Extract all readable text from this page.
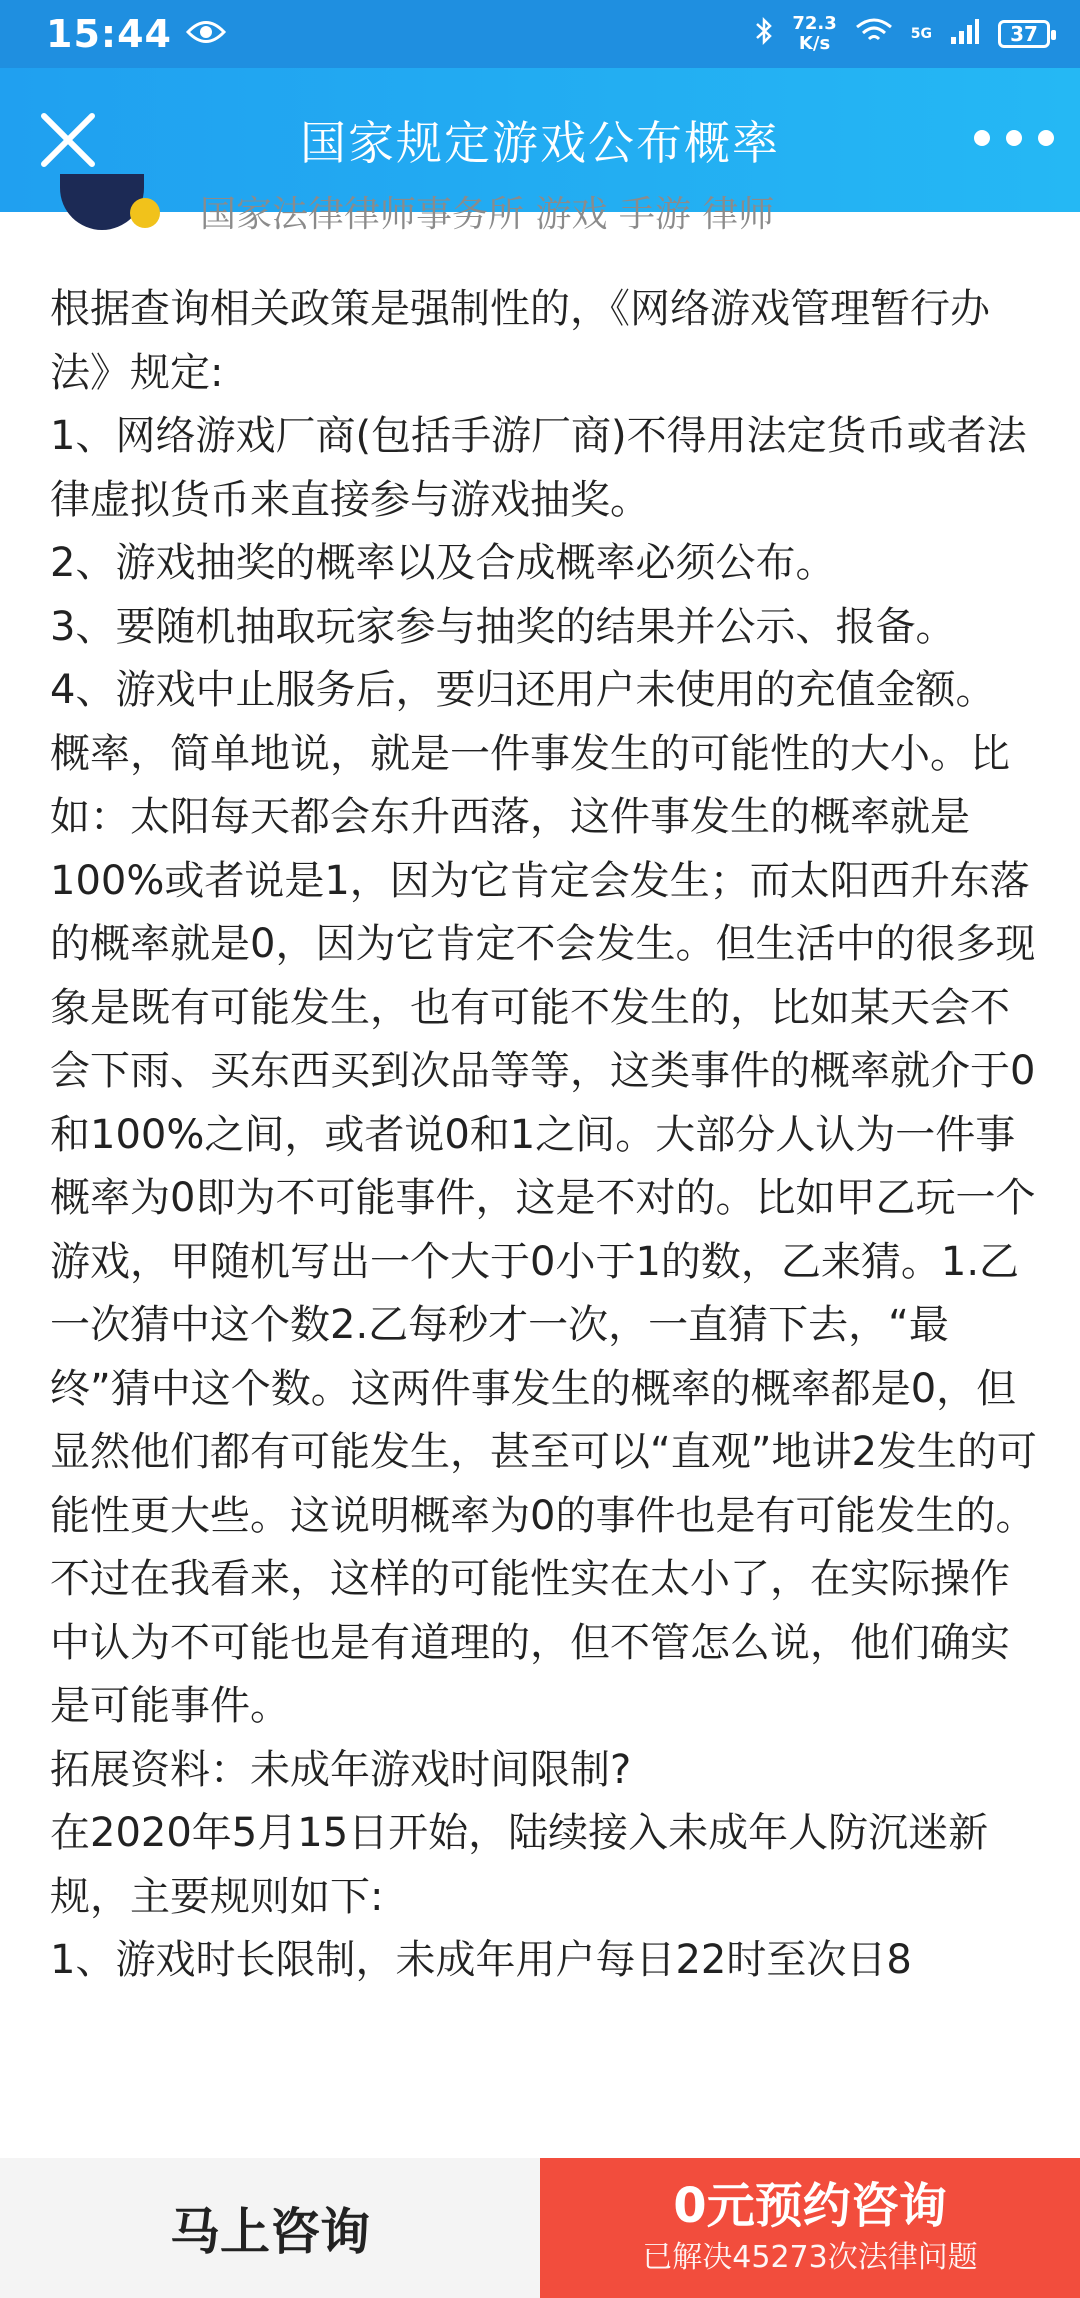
15:44	72.3
K/s	5G	37
国家规定游戏公布概率
国家法律律师事务所 游戏 手游 律师

根据查询相关政策是强制性的，《网络游戏管理暂行办法》规定:

1、网络游戏厂商(包括手游厂商)不得用法定货币或者法律虚拟货币来直接参与游戏抽奖。

2、游戏抽奖的概率以及合成概率必须公布。

3、要随机抽取玩家参与抽奖的结果并公示、报备。

4、游戏中止服务后，要归还用户未使用的充值金额。

概率，简单地说，就是一件事发生的可能性的大小。比如：太阳每天都会东升西落，这件事发生的概率就是100%或者说是1，因为它肯定会发生；而太阳西升东落的概率就是0，因为它肯定不会发生。但生活中的很多现象是既有可能发生，也有可能不发生的，比如某天会不会下雨、买东西买到次品等等，这类事件的概率就介于0和100%之间，或者说0和1之间。大部分人认为一件事概率为0即为不可能事件，这是不对的。比如甲乙玩一个游戏，甲随机写出一个大于0小于1的数，乙来猜。1.乙一次猜中这个数2.乙每秒才一次，一直猜下去，“最终”猜中这个数。这两件事发生的概率的概率都是0，但显然他们都有可能发生，甚至可以“直观”地讲2发生的可能性更大些。这说明概率为0的事件也是有可能发生的。不过在我看来，这样的可能性实在太小了，在实际操作中认为不可能也是有道理的，但不管怎么说，他们确实是可能事件。

拓展资料：未成年游戏时间限制?

在2020年5月15日开始，陆续接入未成年人防沉迷新规，主要规则如下:

1、游戏时长限制，未成年用户每日22时至次日8

马上咨询	0元预约咨询
已解决45273次法律问题
